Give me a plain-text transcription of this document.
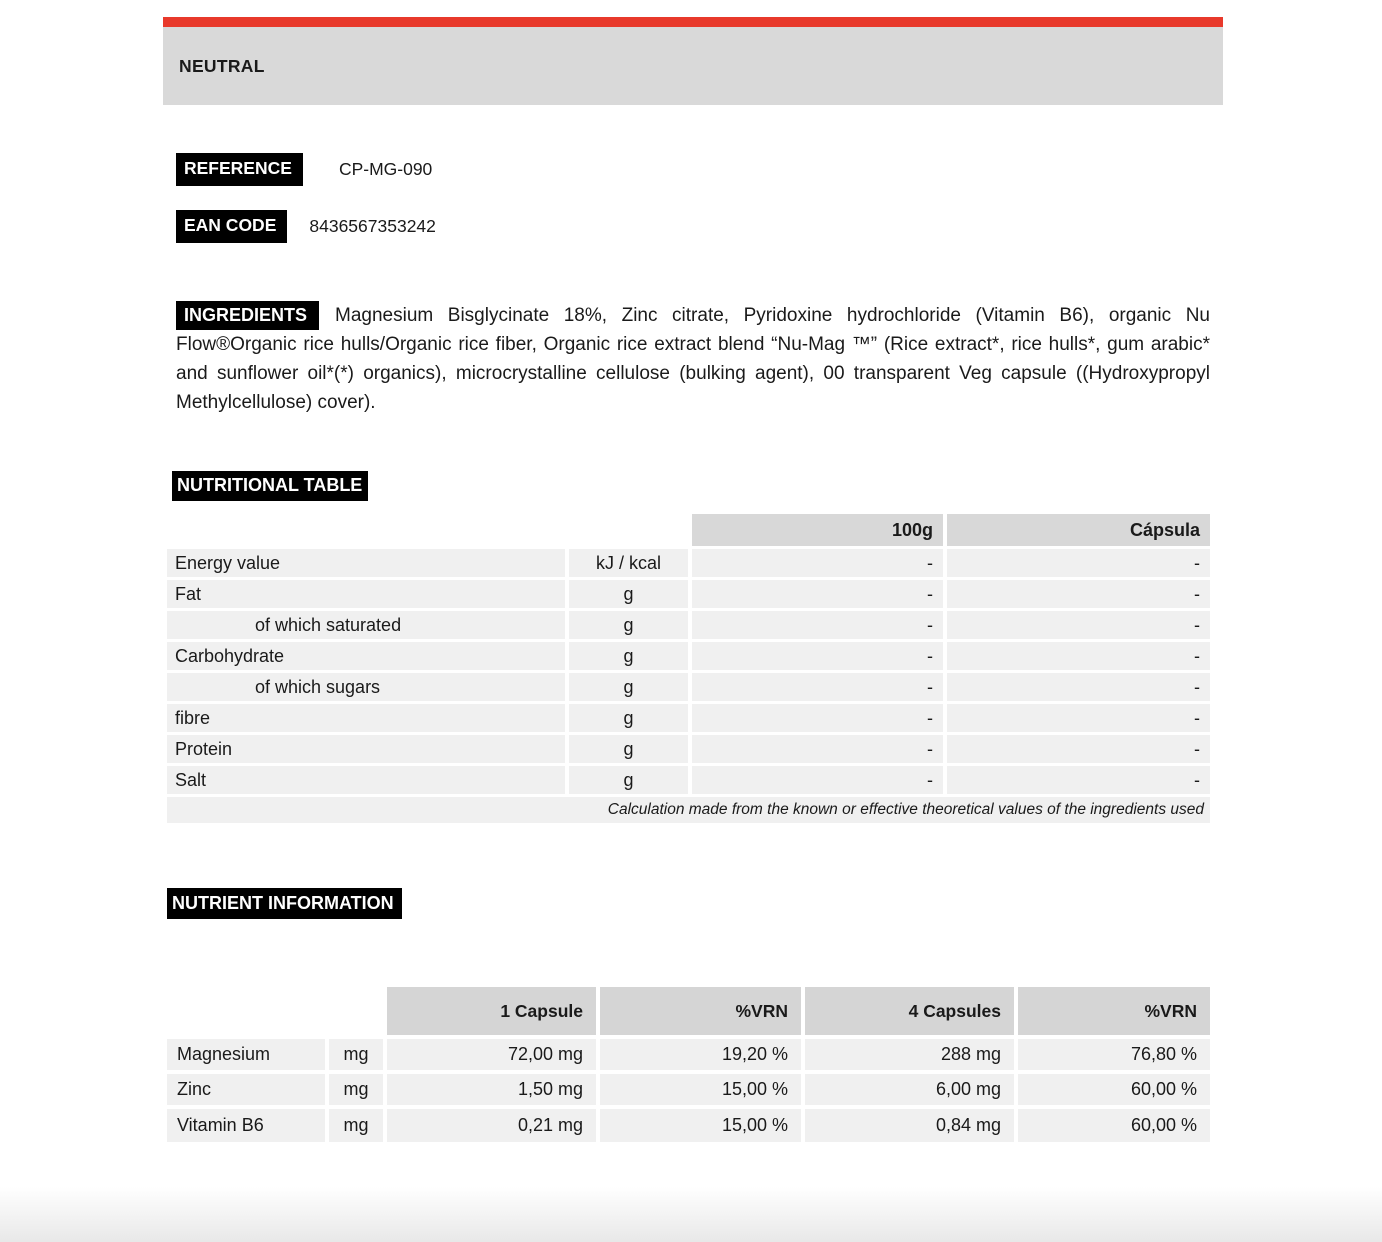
NEUTRAL
REFERENCE	CP-MG-090
EAN CODE	8436567353242

INGREDIENTS Magnesium Bisglycinate 18%, Zinc citrate, Pyridoxine hydrochloride (Vitamin B6), organic Nu Flow®Organic rice hulls/Organic rice fiber, Organic rice extract blend “Nu-Mag ™” (Rice extract*, rice hulls*, gum arabic* and sunflower oil*(*) organics), microcrystalline cellulose (bulking agent), 00 transparent Veg capsule ((Hydroxypropyl Methylcellulose) cover).

NUTRITIONAL TABLE
		100g	Cápsula
Energy value	kJ / kcal	-	-
Fat	g	-	-
of which saturated	g	-	-
Carbohydrate	g	-	-
of which sugars	g	-	-
fibre	g	-	-
Protein	g	-	-
Salt	g	-	-
Calculation made from the known or effective theoretical values of the ingredients used			
NUTRIENT INFORMATION
		1 Capsule	%VRN	4 Capsules	%VRN
Magnesium	mg	72,00 mg	19,20 %	288 mg	76,80 %
Zinc	mg	1,50 mg	15,00 %	6,00 mg	60,00 %
Vitamin B6	mg	0,21 mg	15,00 %	0,84 mg	60,00 %
